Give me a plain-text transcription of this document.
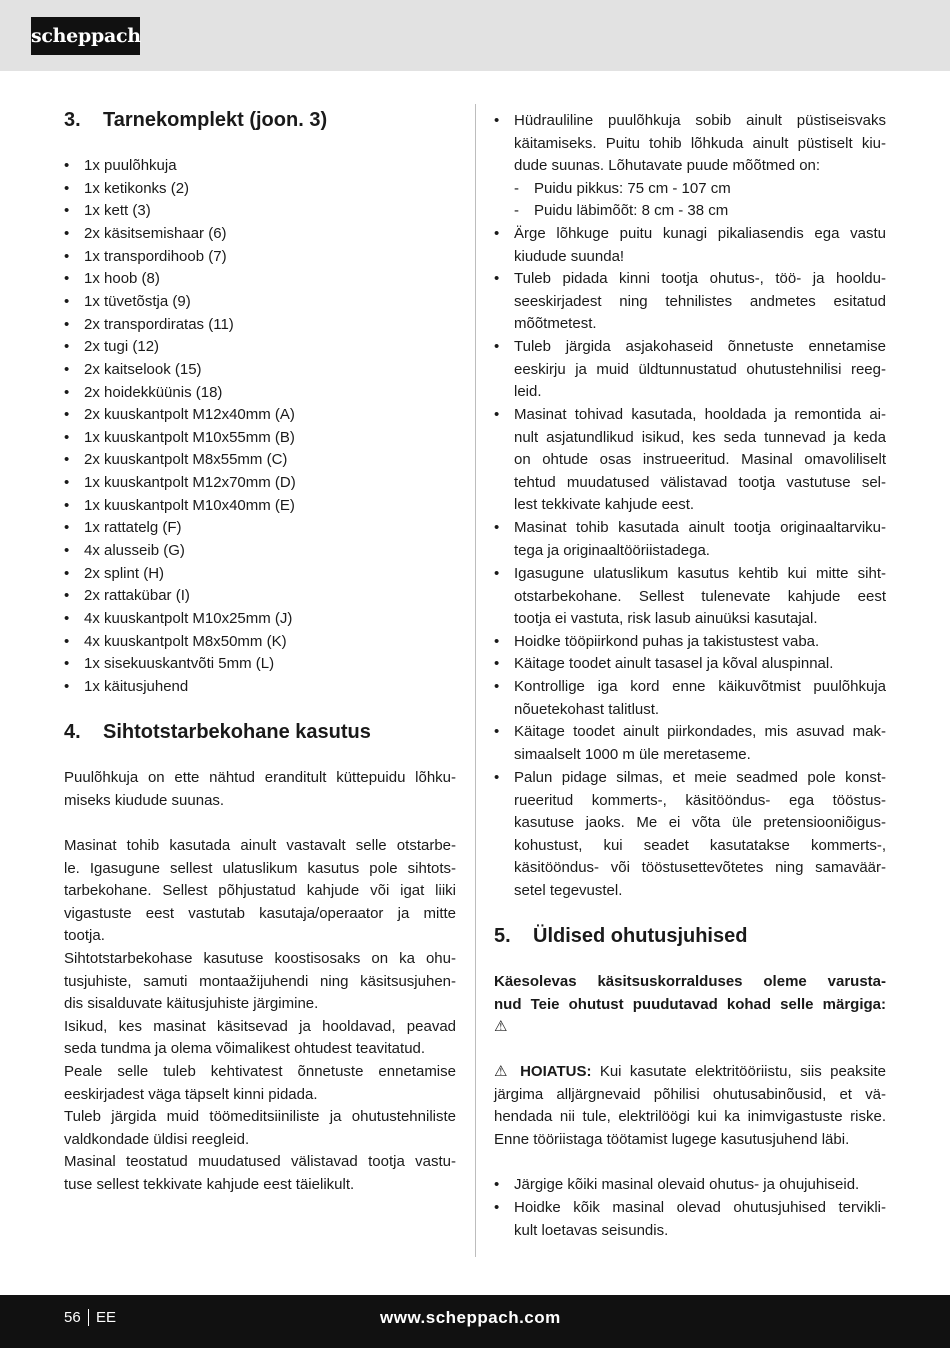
scheppach
3. Tarnekomplekt (joon. 3)
• 1x puulõhkuja
• 1x ketikonks (2)
• 1x kett (3)
• 2x käsitsemishaar (6)
• 1x transpordihoob (7)
• 1x hoob (8)
• 1x tüvetõstja (9)
• 2x transpordiratas (11)
• 2x tugi (12)
• 2x kaitselook (15)
• 2x hoidekküünis (18)
• 2x kuuskantpolt M12x40mm (A)
• 1x kuuskantpolt M10x55mm (B)
• 2x kuuskantpolt M8x55mm (C)
• 1x kuuskantpolt M12x70mm (D)
• 1x kuuskantpolt M10x40mm (E)
• 1x rattatelg (F)
• 4x alusseib (G)
• 2x splint (H)
• 2x rattakübar (I)
• 4x kuuskantpolt M10x25mm (J)
• 4x kuuskantpolt M8x50mm (K)
• 1x sisekuuskantvõti 5mm (L)
• 1x käitusjuhend
4. Sihtotstarbekohane kasutus

Puulõhkuja on ette nähtud eranditult küttepuidu lõhku-

miseks kiudude suunas.

Masinat tohib kasutada ainult vastavalt selle otstarbe-

le. Igasugune sellest ulatuslikum kasutus pole sihtots-

tarbekohane. Sellest põhjustatud kahjude või igat liiki

vigastuste eest vastutab kasutaja/operaator ja mitte

tootja.

Sihtotstarbekohase kasutuse koostisosaks on ka ohu-

tusjuhiste, samuti montaažijuhendi ning käsitsusjuhen-

dis sisalduvate käitusjuhiste järgimine.

Isikud, kes masinat käsitsevad ja hooldavad, peavad

seda tundma ja olema võimalikest ohtudest teavitatud.

Peale selle tuleb kehtivatest õnnetuste ennetamise

eeskirjadest väga täpselt kinni pidada.

Tuleb järgida muid töömeditsiiniliste ja ohutustehniliste

valdkondade üldisi reegleid.

Masinal teostatud muudatused välistavad tootja vastu-

tuse sellest tekkivate kahjude eest täielikult.

• Hüdrauliline puulõhkuja sobib ainult püstiseisvaks

käitamiseks. Puitu tohib lõhkuda ainult püstiselt kiu-

dude suunas. Lõhutavate puude mõõtmed on:

-	Puidu pikkus: 75 cm - 107 cm
-	Puidu läbimõõt: 8 cm - 38 cm
• Ärge lõhkuge puitu kunagi pikaliasendis ega vastu

kiudude suunda!

• Tuleb pidada kinni tootja ohutus-, töö- ja hooldu-

seeskirjadest ning tehnilistes andmetes esitatud

mõõtmetest.

• Tuleb järgida asjakohaseid õnnetuste ennetamise

eeskirju ja muid üldtunnustatud ohutustehnilisi reeg-

leid.

• Masinat tohivad kasutada, hooldada ja remontida ai-

nult asjatundlikud isikud, kes seda tunnevad ja keda

on ohtude osas instrueeritud. Masinal omavoliliselt

tehtud muudatused välistavad tootja vastutuse sel-

lest tekkivate kahjude eest.

• Masinat tohib kasutada ainult tootja originaaltarviku-

tega ja originaaltööriistadega.

• Igasugune ulatuslikum kasutus kehtib kui mitte siht-

otstarbekohane. Sellest tulenevate kahjude eest

tootja ei vastuta, risk lasub ainuüksi kasutajal.

• Hoidke tööpiirkond puhas ja takistustest vaba.

• Käitage toodet ainult tasasel ja kõval aluspinnal.

• Kontrollige iga kord enne käikuvõtmist puulõhkuja

nõuetekohast talitlust.

• Käitage toodet ainult piirkondades, mis asuvad mak-

simaalselt 1000 m üle meretaseme.

• Palun pidage silmas, et meie seadmed pole konst-

rueeritud kommerts-, käsitööndus- ega tööstus-

kasutuse jaoks. Me ei võta üle pretensiooniõigus-

kohustust, kui seadet kasutatakse kommerts-,

käsitööndus- või tööstusettevõtetes ning samaväär-

setel tegevustel.

5. Üldised ohutusjuhised

Käesolevas käsitsuskorralduses oleme varusta-

nud Teie ohutust puudutavad kohad selle märgiga:

⚠

⚠ HOIATUS: Kui kasutate elektritööriistu, siis peaksite

järgima alljärgnevaid põhilisi ohutusabinõusid, et vä-

hendada nii tule, elektrilöögi kui ka inimvigastuste riske.

Enne tööriistaga töötamist lugege kasutusjuhend läbi.

• Järgige kõiki masinal olevaid ohutus- ja ohujuhiseid.

• Hoidke kõik masinal olevad ohutusjuhised tervikli-

kult loetavas seisundis.

56 EE	www.scheppach.com
